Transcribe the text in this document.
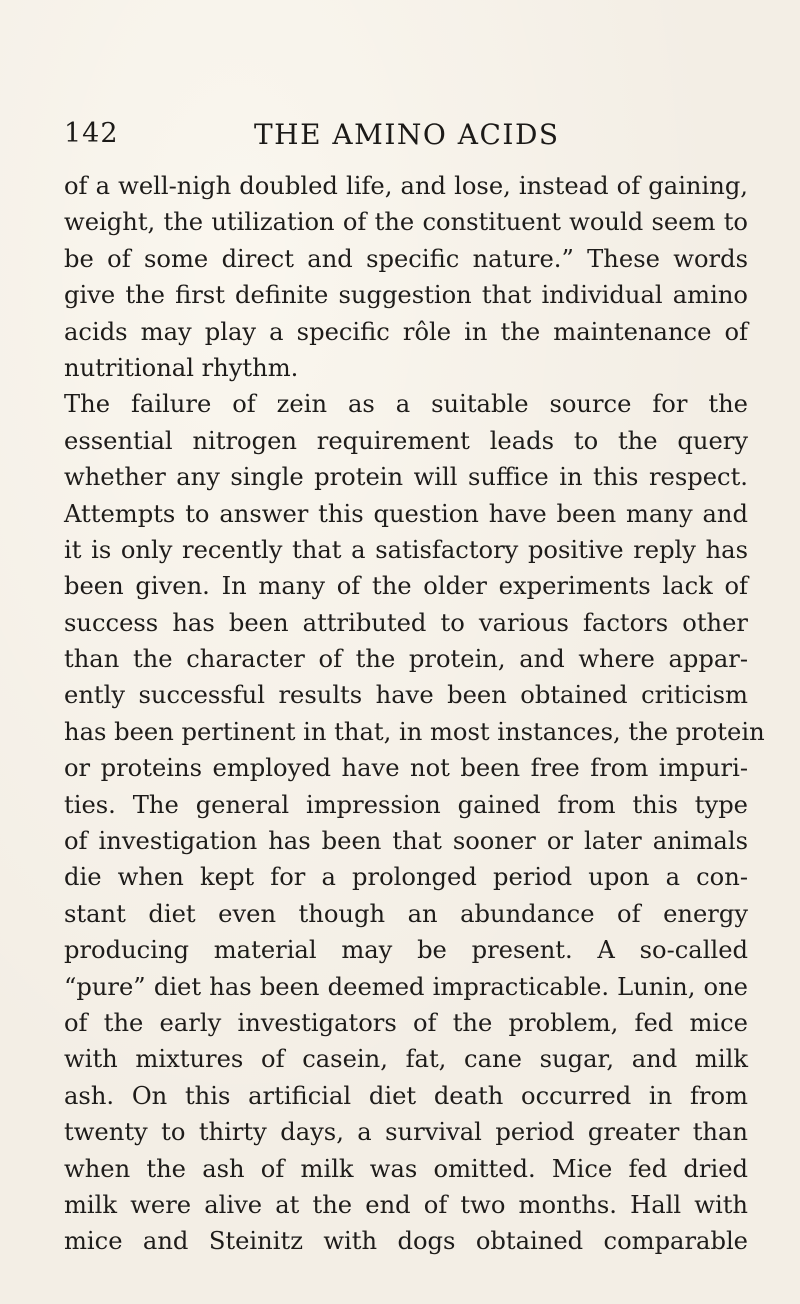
142	THE AMINO ACIDS
of a well-nigh doubled life, and lose, instead of gaining,
weight, the utilization of the constituent would seem to
be of some direct and specific nature.” These words
give the first definite suggestion that individual amino
acids may play a specific rôle in the maintenance of
nutritional rhythm.
The failure of zein as a suitable source for the
essential nitrogen requirement leads to the query
whether any single protein will suffice in this respect.
Attempts to answer this question have been many and
it is only recently that a satisfactory positive reply has
been given. In many of the older experiments lack of
success has been attributed to various factors other
than the character of the protein, and where appar-
ently successful results have been obtained criticism
has been pertinent in that, in most instances, the protein
or proteins employed have not been free from impuri-
ties. The general impression gained from this type
of investigation has been that sooner or later animals
die when kept for a prolonged period upon a con-
stant diet even though an abundance of energy
producing material may be present. A so-called
“pure” diet has been deemed impracticable. Lunin, one
of the early investigators of the problem, fed mice
with mixtures of casein, fat, cane sugar, and milk
ash. On this artificial diet death occurred in from
twenty to thirty days, a survival period greater than
when the ash of milk was omitted. Mice fed dried
milk were alive at the end of two months. Hall with
mice and Steinitz with dogs obtained comparable
